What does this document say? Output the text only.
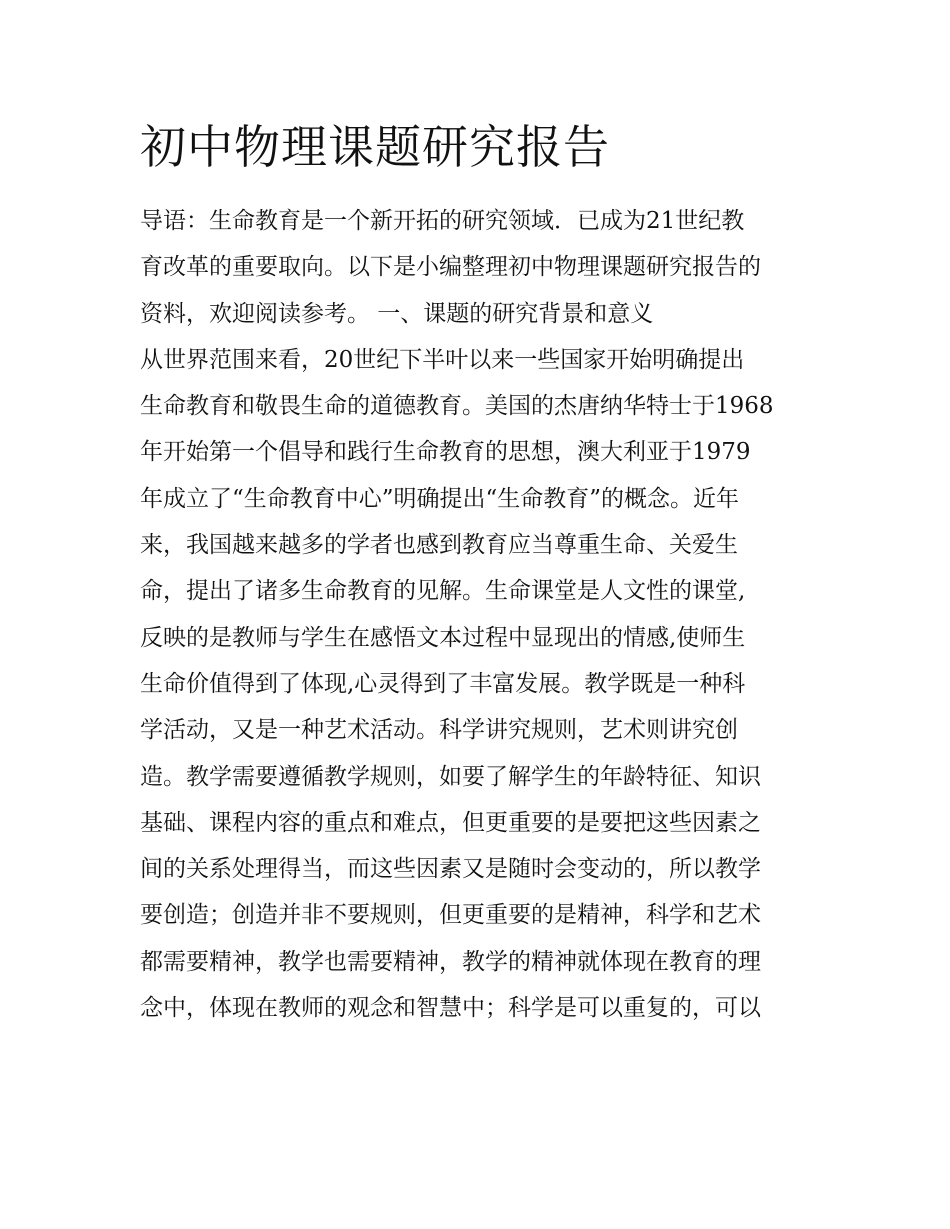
初中物理课题研究报告
导语：生命教育是一个新开拓的研究领域．已成为21世纪教
育改革的重要取向。以下是小编整理初中物理课题研究报告的
资料，欢迎阅读参考。 一、课题的研究背景和意义
从世界范围来看，20世纪下半叶以来一些国家开始明确提出
生命教育和敬畏生命的道德教育。美国的杰唐纳华特士于1968
年开始第一个倡导和践行生命教育的思想，澳大利亚于1979
年成立了“生命教育中心”明确提出“生命教育”的概念。近年
来，我国越来越多的学者也感到教育应当尊重生命、关爱生
命，提出了诸多生命教育的见解。生命课堂是人文性的课堂,
反映的是教师与学生在感悟文本过程中显现出的情感,使师生
生命价值得到了体现,心灵得到了丰富发展。教学既是一种科
学活动，又是一种艺术活动。科学讲究规则，艺术则讲究创
造。教学需要遵循教学规则，如要了解学生的年龄特征、知识
基础、课程内容的重点和难点，但更重要的是要把这些因素之
间的关系处理得当，而这些因素又是随时会变动的，所以教学
要创造；创造并非不要规则，但更重要的是精神，科学和艺术
都需要精神，教学也需要精神，教学的精神就体现在教育的理
念中，体现在教师的观念和智慧中；科学是可以重复的，可以
